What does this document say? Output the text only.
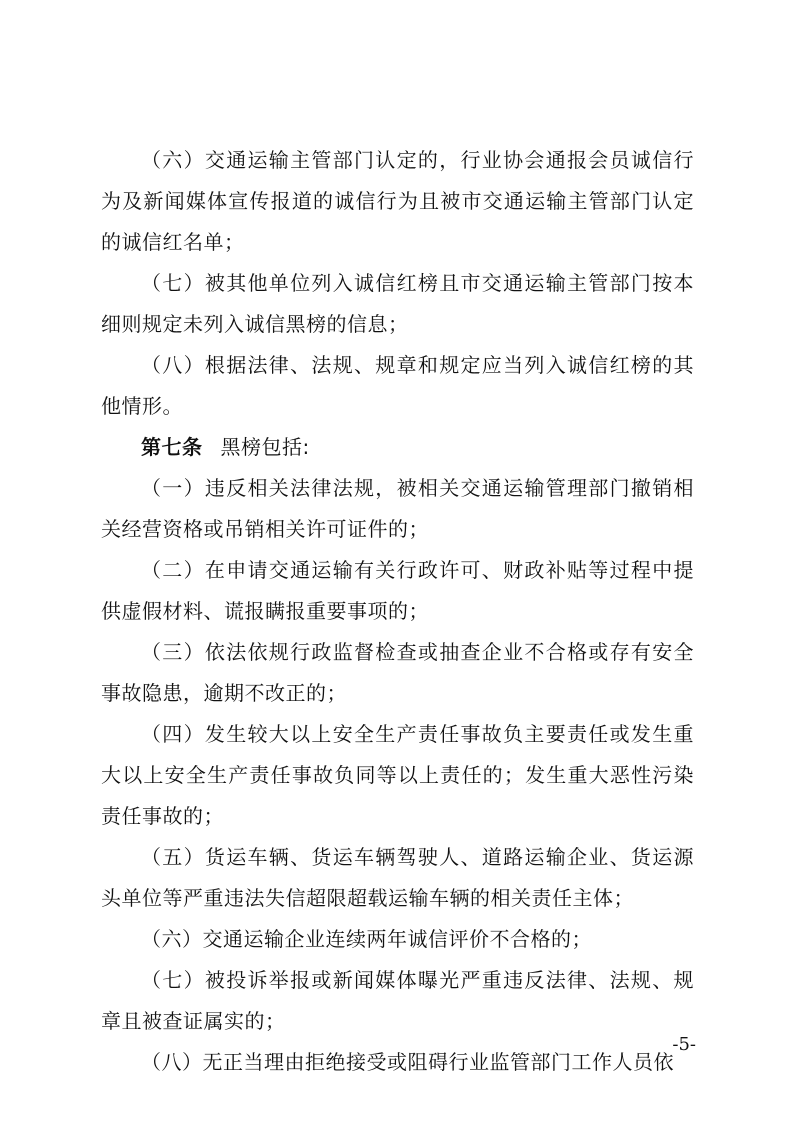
（六）交通运输主管部门认定的，行业协会通报会员诚信行为及新闻媒体宣传报道的诚信行为且被市交通运输主管部门认定的诚信红名单；

（七）被其他单位列入诚信红榜且市交通运输主管部门按本细则规定未列入诚信黑榜的信息；

（八）根据法律、法规、规章和规定应当列入诚信红榜的其他情形。

第七条 黑榜包括:

（一）违反相关法律法规，被相关交通运输管理部门撤销相关经营资格或吊销相关许可证件的；

（二）在申请交通运输有关行政许可、财政补贴等过程中提供虚假材料、谎报瞒报重要事项的；

（三）依法依规行政监督检查或抽查企业不合格或存有安全事故隐患，逾期不改正的；

（四）发生较大以上安全生产责任事故负主要责任或发生重大以上安全生产责任事故负同等以上责任的；发生重大恶性污染责任事故的；

（五）货运车辆、货运车辆驾驶人、道路运输企业、货运源头单位等严重违法失信超限超载运输车辆的相关责任主体；

（六）交通运输企业连续两年诚信评价不合格的；

（七）被投诉举报或新闻媒体曝光严重违反法律、法规、规章且被查证属实的；

（八）无正当理由拒绝接受或阻碍行业监管部门工作人员依

-5-
